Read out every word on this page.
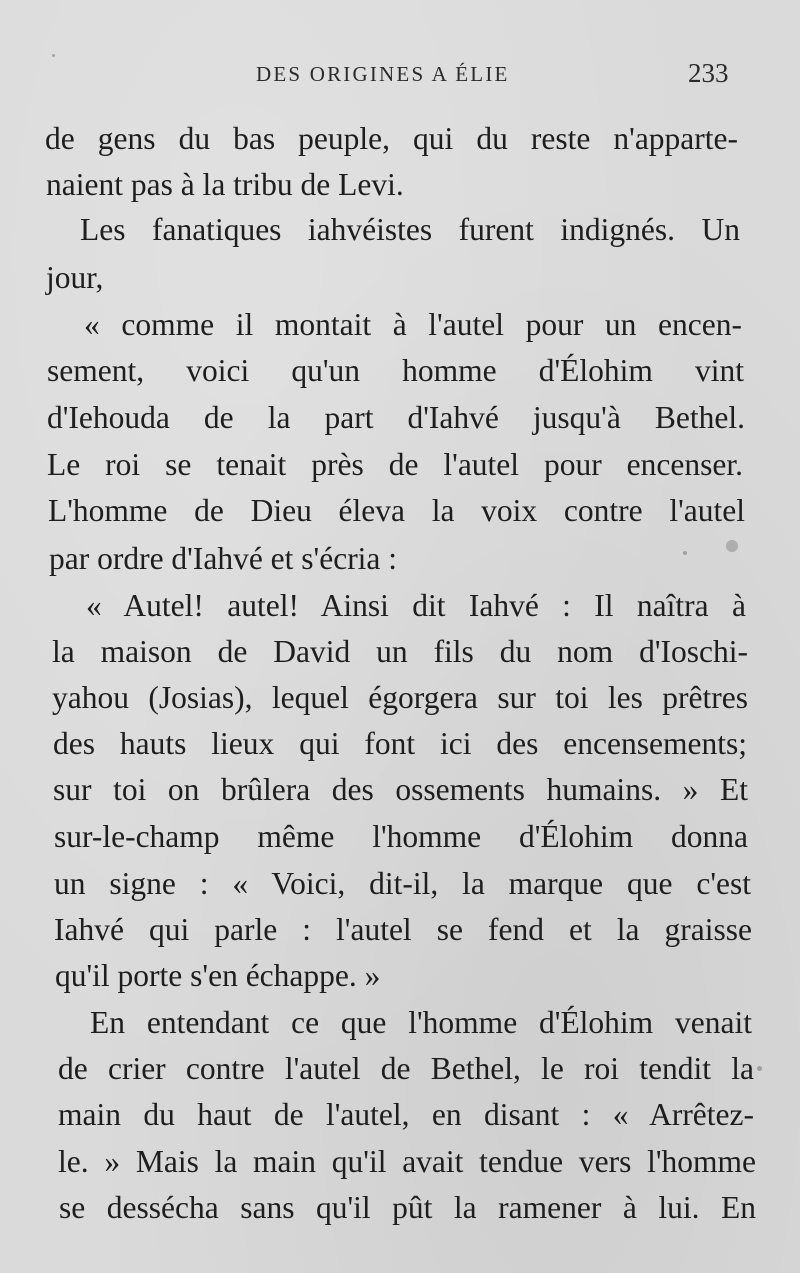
DES ORIGINES A ÉLIE	233
de gens du bas peuple, qui du reste n'apparte-
naient pas à la tribu de Levi.
Les fanatiques iahvéistes furent indignés. Un
jour,
« comme il montait à l'autel pour un encen-
sement, voici qu'un homme d'Élohim vint
d'Iehouda de la part d'Iahvé jusqu'à Bethel.
Le roi se tenait près de l'autel pour encenser.
L'homme de Dieu éleva la voix contre l'autel
par ordre d'Iahvé et s'écria :
« Autel! autel! Ainsi dit Iahvé : Il naîtra à
la maison de David un fils du nom d'Ioschi-
yahou (Josias), lequel égorgera sur toi les prêtres
des hauts lieux qui font ici des encensements;
sur toi on brûlera des ossements humains. » Et
sur-le-champ même l'homme d'Élohim donna
un signe : « Voici, dit-il, la marque que c'est
Iahvé qui parle : l'autel se fend et la graisse
qu'il porte s'en échappe. »
En entendant ce que l'homme d'Élohim venait
de crier contre l'autel de Bethel, le roi tendit la
main du haut de l'autel, en disant : « Arrêtez-
le. » Mais la main qu'il avait tendue vers l'homme
se dessécha sans qu'il pût la ramener à lui. En
